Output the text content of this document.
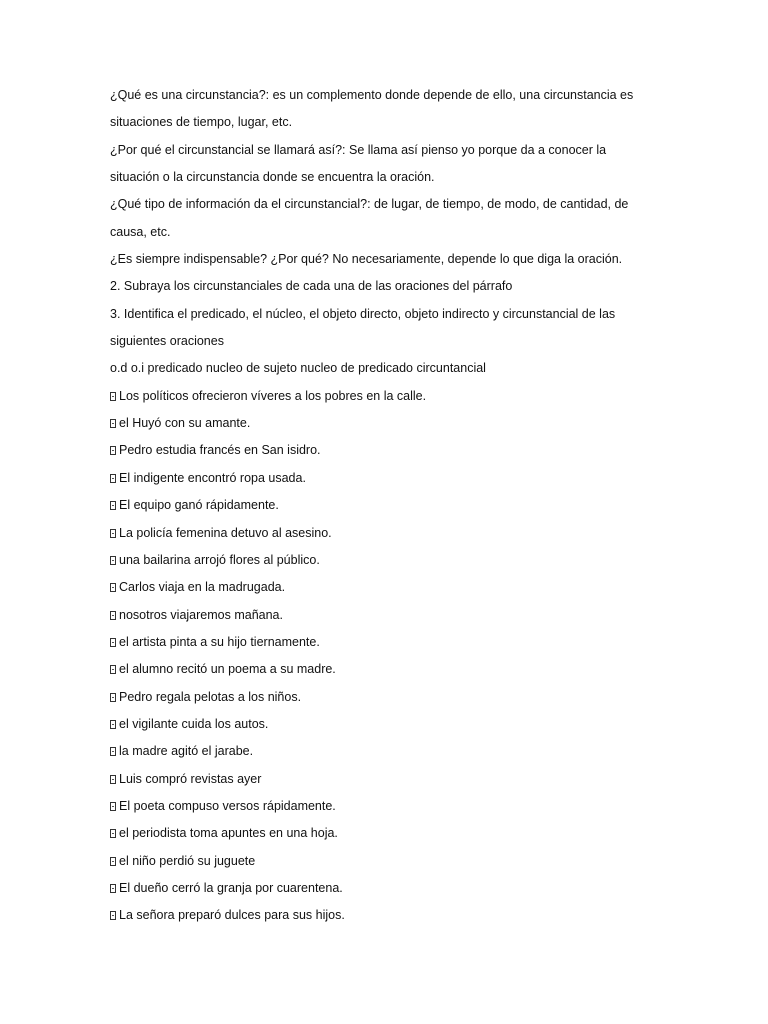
¿Qué es una circunstancia?: es un complemento donde depende de ello, una circunstancia es
situaciones de tiempo, lugar, etc.
¿Por qué el circunstancial se llamará así?: Se llama así pienso yo porque da a conocer la
situación o la circunstancia donde se encuentra la oración.
¿Qué tipo de información da el circunstancial?: de lugar, de tiempo, de modo, de cantidad, de
causa, etc.
¿Es siempre indispensable? ¿Por qué? No necesariamente, depende lo que diga la oración.
2. Subraya los circunstanciales de cada una de las oraciones del párrafo
3. Identifica el predicado, el núcleo, el objeto directo, objeto indirecto y circunstancial de las
siguientes oraciones
o.d o.i predicado nucleo de sujeto nucleo de predicado circuntancial
Los políticos ofrecieron víveres a los pobres en la calle.
el Huyó con su amante.
Pedro estudia francés en San isidro.
El indigente encontró ropa usada.
El equipo ganó rápidamente.
La policía femenina detuvo al asesino.
una bailarina arrojó flores al público.
Carlos viaja en la madrugada.
nosotros viajaremos mañana.
el artista pinta a su hijo tiernamente.
el alumno recitó un poema a su madre.
Pedro regala pelotas a los niños.
el vigilante cuida los autos.
la madre agitó el jarabe.
Luis compró revistas ayer
El poeta compuso versos rápidamente.
el periodista toma apuntes en una hoja.
el niño perdió su juguete
El dueño cerró la granja por cuarentena.
La señora preparó dulces para sus hijos.
